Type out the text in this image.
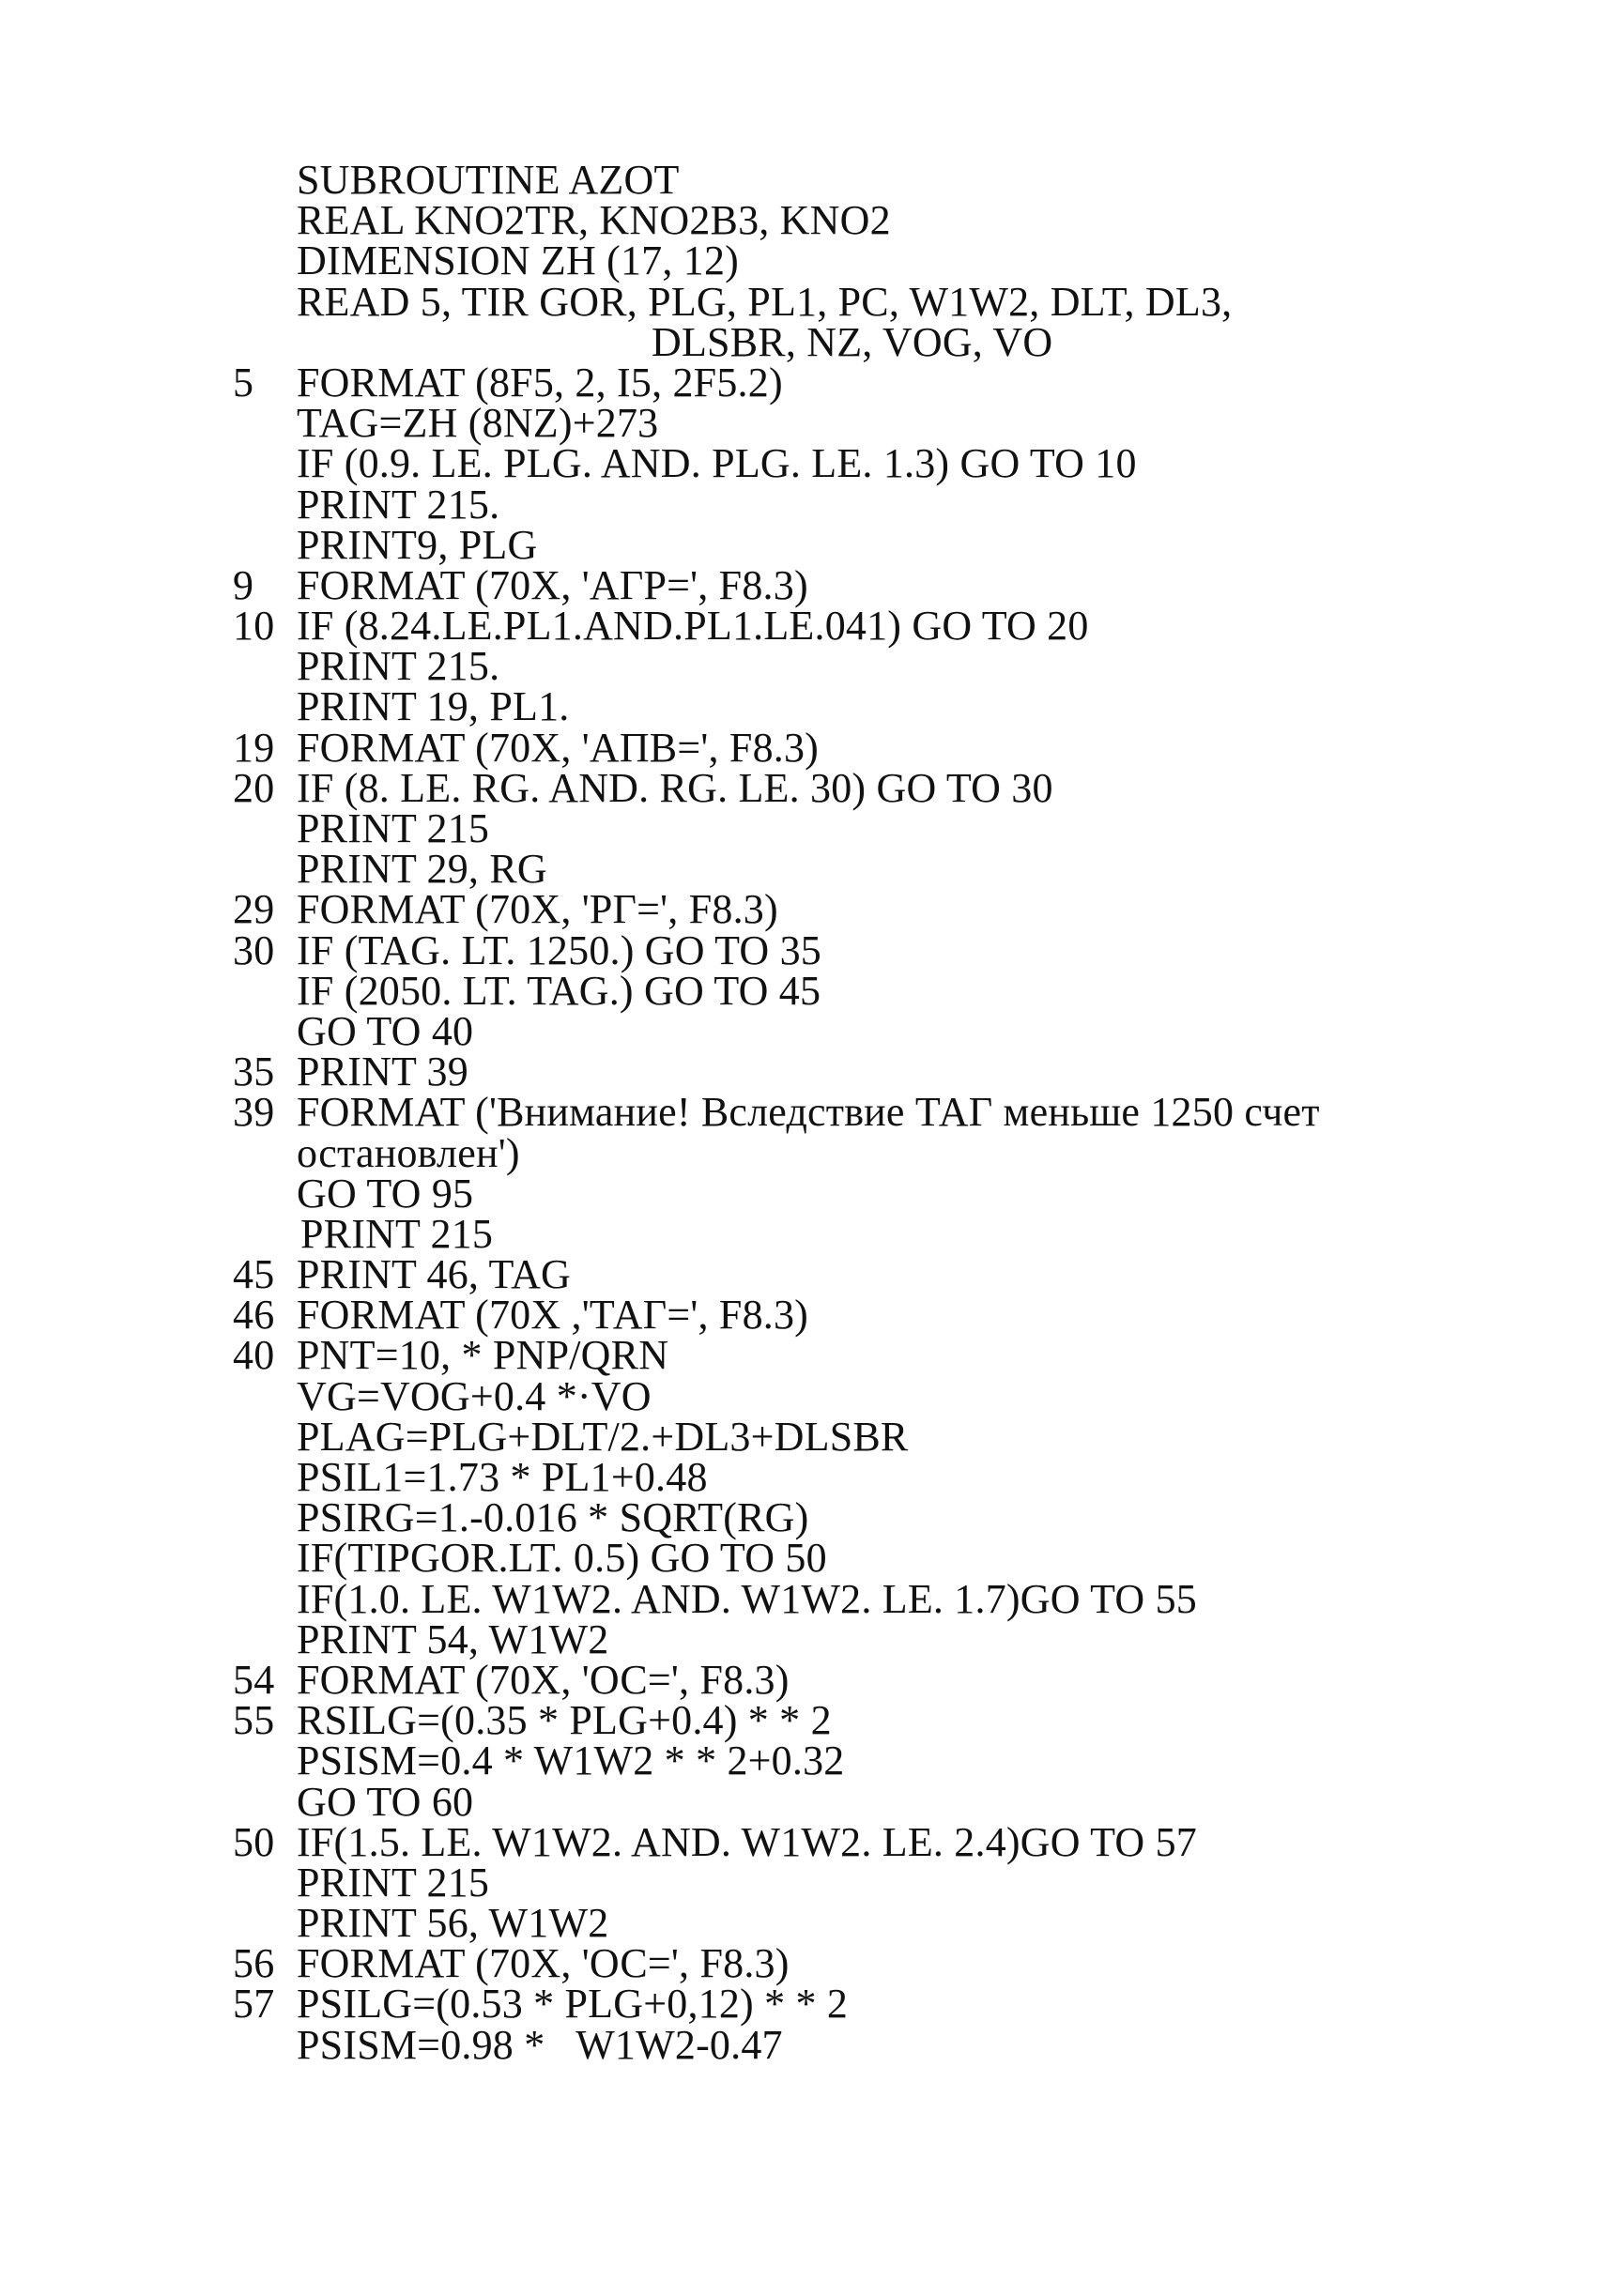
SUBROUTINE AZOT
REAL KNO2TR, KNO2B3, KNO2
DIMENSION ZH (17, 12)
READ 5, TIR GOR, PLG, PL1, PC, W1W2, DLT, DL3,
DLSBR, NZ, VOG, VO
5 FORMAT (8F5, 2, I5, 2F5.2)
TAG=ZH (8NZ)+273
IF (0.9. LE. PLG. AND. PLG. LE. 1.3) GO TO 10
PRINT 215.
PRINT9, PLG
9 FORMAT (70X, 'АГР=', F8.3)
10 IF (8.24.LE.PL1.AND.PL1.LE.041) GO TO 20
PRINT 215.
PRINT 19, PL1.
19 FORMAT (70X, 'АПВ=', F8.3)
20 IF (8. LE. RG. AND. RG. LE. 30) GO TO 30
PRINT 215
PRINT 29, RG
29 FORMAT (70X, 'РГ=', F8.3)
30 IF (TAG. LT. 1250.) GO TO 35
IF (2050. LT. TAG.) GO TO 45
GO TO 40
35 PRINT 39
39 FORMAT ('Внимание! Вследствие ТАГ меньше 1250 счет
остановлен')
GO TO 95
PRINT 215
45 PRINT 46, TAG
46 FORMAT (70X ,'ТАГ=', F8.3)
40 PNT=10, * PNP/QRN
VG=VOG+0.4 *·VO
PLAG=PLG+DLT/2.+DL3+DLSBR
PSIL1=1.73 * PL1+0.48
PSIRG=1.-0.016 * SQRT(RG)
IF(TIPGOR.LT. 0.5) GO TO 50
IF(1.0. LE. W1W2. AND. W1W2. LE. 1.7)GO TO 55
PRINT 54, W1W2
54 FORMAT (70X, 'ОС=', F8.3)
55 RSILG=(0.35 * PLG+0.4) * * 2
PSISM=0.4 * W1W2 * * 2+0.32
GO TO 60
50 IF(1.5. LE. W1W2. AND. W1W2. LE. 2.4)GO TO 57
PRINT 215
PRINT 56, W1W2
56 FORMAT (70X, 'ОС=', F8.3)
57 PSILG=(0.53 * PLG+0,12) * * 2
PSISM=0.98 *   W1W2-0.47
